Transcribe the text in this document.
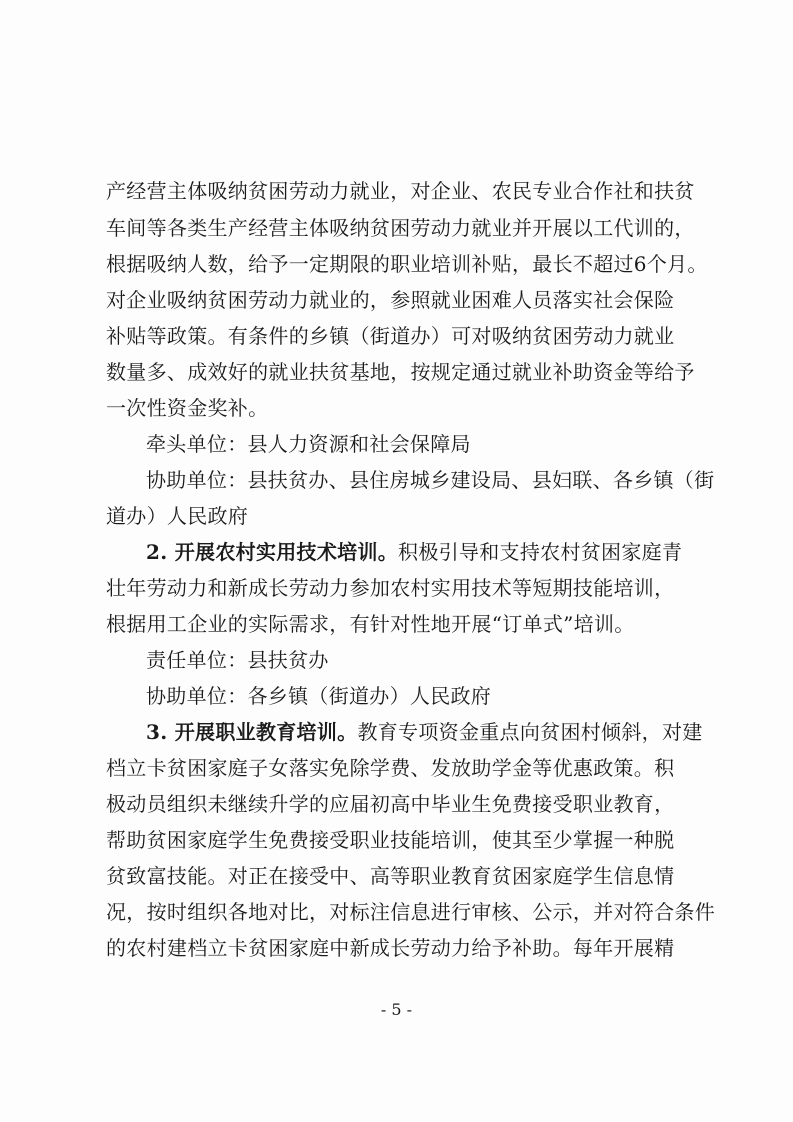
产经营主体吸纳贫困劳动力就业，对企业、农民专业合作社和扶贫
车间等各类生产经营主体吸纳贫困劳动力就业并开展以工代训的，
根据吸纳人数，给予一定期限的职业培训补贴，最长不超过6个月。
对企业吸纳贫困劳动力就业的，参照就业困难人员落实社会保险
补贴等政策。有条件的乡镇（街道办）可对吸纳贫困劳动力就业
数量多、成效好的就业扶贫基地，按规定通过就业补助资金等给予
一次性资金奖补。
牵头单位：县人力资源和社会保障局
协助单位：县扶贫办、县住房城乡建设局、县妇联、各乡镇（街
道办）人民政府
2. 开展农村实用技术培训。积极引导和支持农村贫困家庭青
壮年劳动力和新成长劳动力参加农村实用技术等短期技能培训，
根据用工企业的实际需求，有针对性地开展“订单式”培训。
责任单位：县扶贫办
协助单位：各乡镇（街道办）人民政府
3. 开展职业教育培训。教育专项资金重点向贫困村倾斜，对建
档立卡贫困家庭子女落实免除学费、发放助学金等优惠政策。积
极动员组织未继续升学的应届初高中毕业生免费接受职业教育，
帮助贫困家庭学生免费接受职业技能培训，使其至少掌握一种脱
贫致富技能。对正在接受中、高等职业教育贫困家庭学生信息情
况，按时组织各地对比，对标注信息进行审核、公示，并对符合条件
的农村建档立卡贫困家庭中新成长劳动力给予补助。每年开展精
- 5 -
